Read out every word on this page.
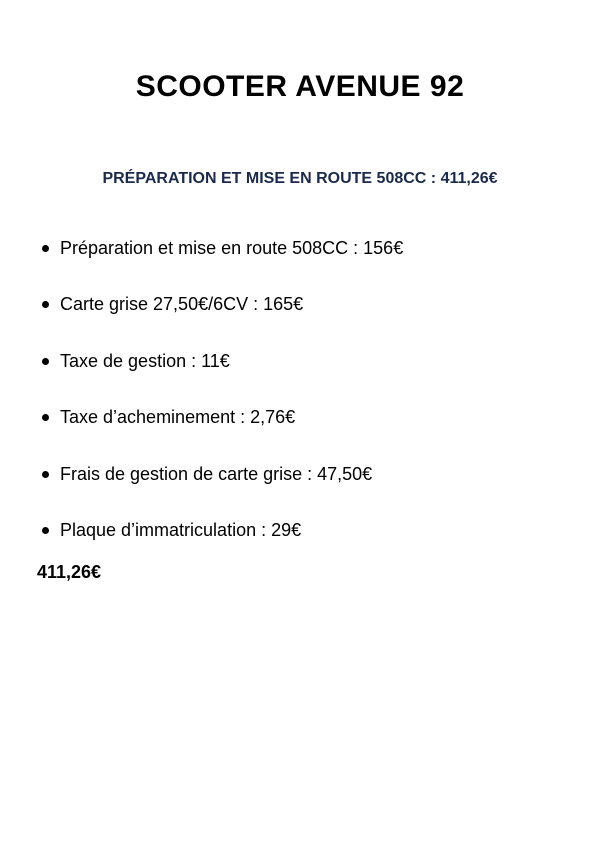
SCOOTER AVENUE 92
PRÉPARATION ET MISE EN ROUTE 508CC : 411,26€
Préparation et mise en route 508CC : 156€
Carte grise 27,50€/6CV : 165€
Taxe de gestion : 11€
Taxe d’acheminement : 2,76€
Frais de gestion de carte grise : 47,50€
Plaque d’immatriculation : 29€

411,26€
